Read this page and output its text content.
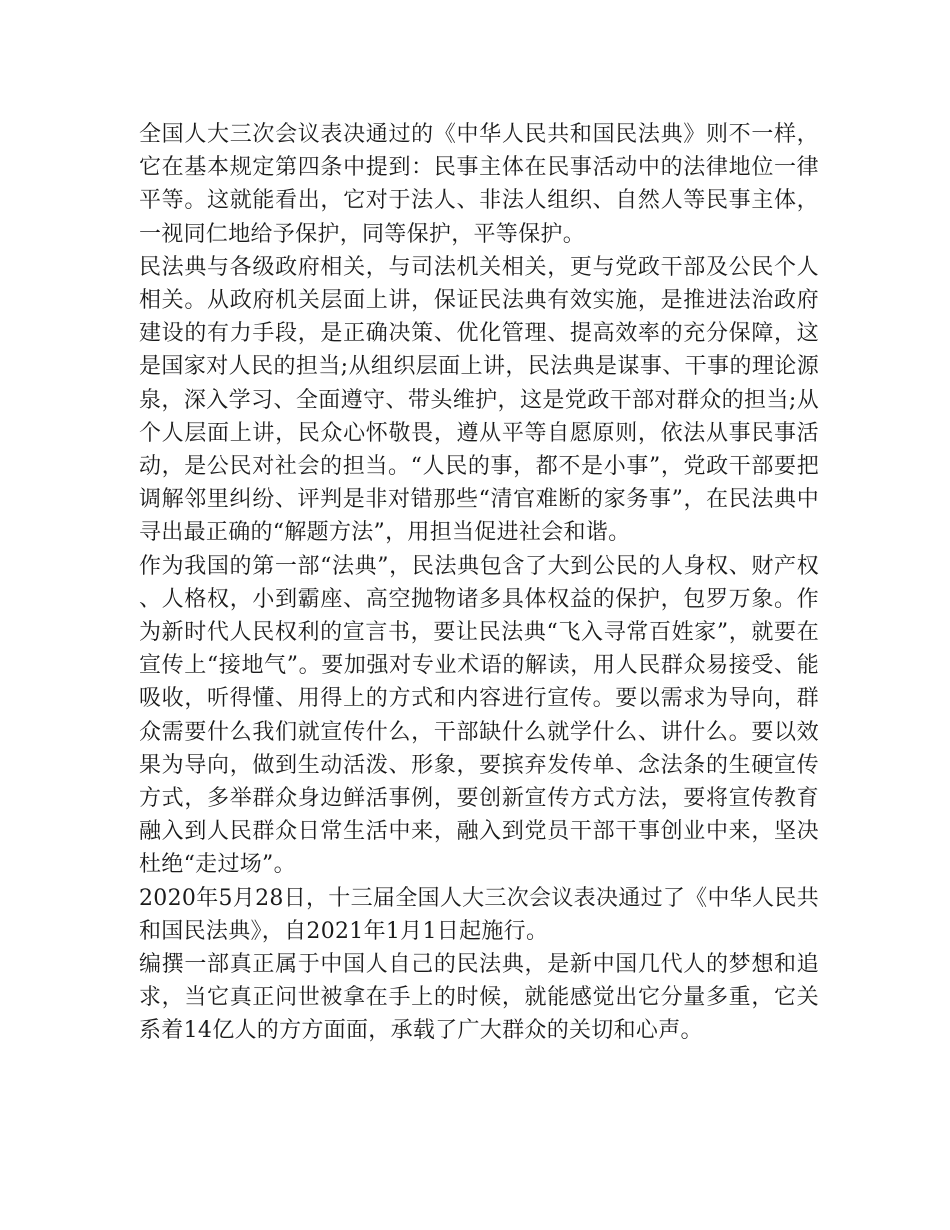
全国人大三次会议表决通过的《中华人民共和国民法典》则不一样，它在基本规定第四条中提到：民事主体在民事活动中的法律地位一律平等。这就能看出，它对于法人、非法人组织、自然人等民事主体，一视同仁地给予保护，同等保护，平等保护。

民法典与各级政府相关，与司法机关相关，更与党政干部及公民个人相关。从政府机关层面上讲，保证民法典有效实施，是推进法治政府建设的有力手段，是正确决策、优化管理、提高效率的充分保障，这是国家对人民的担当;从组织层面上讲，民法典是谋事、干事的理论源泉，深入学习、全面遵守、带头维护，这是党政干部对群众的担当;从个人层面上讲，民众心怀敬畏，遵从平等自愿原则，依法从事民事活动，是公民对社会的担当。“人民的事，都不是小事”，党政干部要把调解邻里纠纷、评判是非对错那些“清官难断的家务事”，在民法典中寻出最正确的“解题方法”，用担当促进社会和谐。

作为我国的第一部“法典”，民法典包含了大到公民的人身权、财产权、人格权，小到霸座、高空抛物诸多具体权益的保护，包罗万象。作为新时代人民权利的宣言书，要让民法典“飞入寻常百姓家”，就要在宣传上“接地气”。要加强对专业术语的解读，用人民群众易接受、能吸收，听得懂、用得上的方式和内容进行宣传。要以需求为导向，群众需要什么我们就宣传什么，干部缺什么就学什么、讲什么。要以效果为导向，做到生动活泼、形象，要摈弃发传单、念法条的生硬宣传方式，多举群众身边鲜活事例，要创新宣传方式方法，要将宣传教育融入到人民群众日常生活中来，融入到党员干部干事创业中来，坚决杜绝“走过场”。

2020年5月28日，十三届全国人大三次会议表决通过了《中华人民共和国民法典》，自2021年1月1日起施行。

编撰一部真正属于中国人自己的民法典，是新中国几代人的梦想和追求，当它真正问世被拿在手上的时候，就能感觉出它分量多重，它关系着14亿人的方方面面，承载了广大群众的关切和心声。
